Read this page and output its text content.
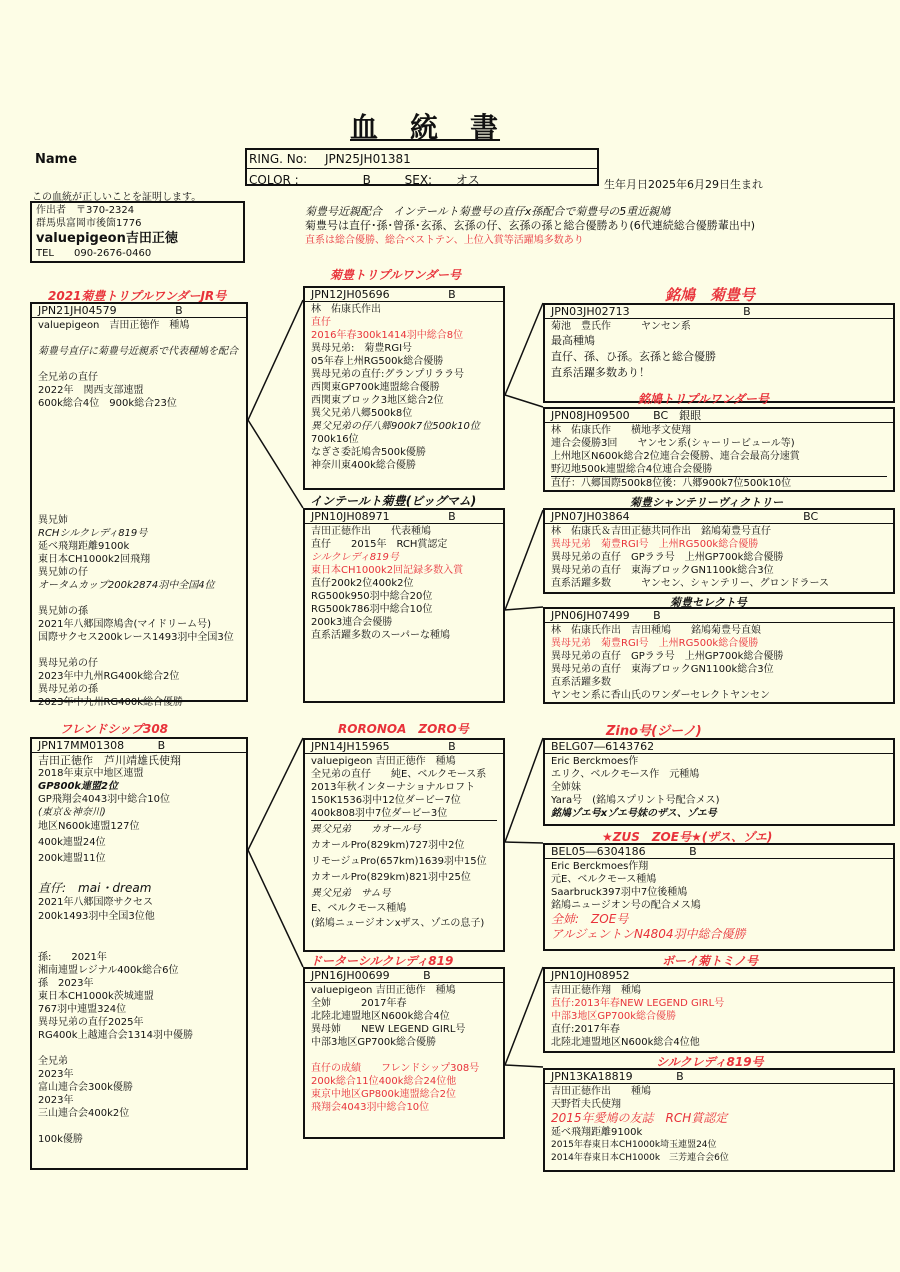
血　統　書
Name	RING. No: JPN25JH01381
COLOR :	B	SEX: オス	生年月日2025年6月29日生まれ
この血統が正しいことを証明します。
作出者　〒370-2324
群馬県富岡市後箇1776
valuepigeon吉田正徳
TEL　　090-2676-0460
菊豊号近親配合　インテールト菊豊号の直仔x孫配合で菊豊号の5重近親鳩
菊豊号は直仔･孫･曾孫･玄孫、玄孫の仔、玄孫の孫と総合優勝あり(6代連続総合優勝輩出中)
直系は総合優勝、総合ベストテン、上位入賞等活躍鳩多数あり
2021菊豊トリプルワンダーJR号
JPN21JH04579	B
valuepigeon　吉田正徳作　種鳩
菊豊号直仔に菊豊号近親系で代表種鳩を配合
全兄弟の直仔
2022年　関西支部連盟
600k総合4位　900k総合23位
異兄姉
RCHシルクレディ819号
延べ飛翔距離9100k
東日本CH1000k2回飛翔
異兄姉の仔
オータムカップ200k2874羽中全国4位
異兄姉の孫
2021年八郷国際鳩舎(マイドリーム号)
国際サクセス200kレース1493羽中全国3位
異母兄弟の仔
2023年中九州RG400k総合2位
異母兄弟の孫
2023年中九州RG400k総合優勝
菊豊トリプルワンダー号
JPN12JH05696	B
林　佑康氏作出
直仔
2016年春300k1414羽中総合8位
異母兄弟:　菊豊RGⅠ号
05年春上州RG500k総合優勝
異母兄弟の直仔:グランプリララ号
西関東GP700k連盟総合優勝
西関東ブロック3地区総合2位
異父兄弟八郷500k8位
異父兄弟の仔八郷900k7位500k10位
700k16位
なぎさ委託鳩舎500k優勝
神奈川東400k総合優勝
銘鳩　菊豊号
JPN03JH02713	B
菊池　豊氏作　　　ヤンセン系
最高種鳩
直仔、孫、ひ孫。玄孫と総合優勝
直系活躍多数あり！
銘鳩トリプルワンダー号
JPN08JH09500 BC　銀眼
林　佑康氏作　　横地孝文使翔
連合会優勝3回　　ヤンセン系(シャーリービュール等)
上州地区N600k総合2位連合会優勝、連合会最高分速賞
野辺地500k連盟総合4位連合会優勝
直仔：八郷国際500k8位後：八郷900k7位500k10位
インテールト菊豊(ビッグマム)
JPN10JH08971	B
吉田正徳作出　　代表種鳩
直仔　　2015年　RCH賞認定
シルクレディ819号
東日本CH1000k2回記録多数入賞
直仔200k2位400k2位
RG500k950羽中総合20位
RG500k786羽中総合10位
200k3連合会優勝
直系活躍多数のスーパーな種鳩
菊豊シャンテリーヴィクトリー
JPN07JH03864	BC
林　佑康氏＆吉田正徳共同作出　銘鳩菊豊号直仔
異母兄弟　菊豊RGⅠ号　上州RG500k総合優勝
異母兄弟の直仔　GPララ号　上州GP700k総合優勝
異母兄弟の直仔　東海ブロックGN1100k総合3位
直系活躍多数　　　ヤンセン、シャンテリー、グロンドラース
菊豊セレクト号
JPN06JH07499 B
林　佑康氏作出　吉田種鳩　　銘鳩菊豊号直娘
異母兄弟　菊豊RGⅠ号　上州RG500k総合優勝
異母兄弟の直仔　GPララ号　上州GP700k総合優勝
異母兄弟の直仔　東海ブロックGN1100k総合3位
直系活躍多数
ヤンセン系に香山氏のワンダーセレクトヤンセン
フレンドシップ308
JPN17MM01308	B
吉田正徳作　芦川靖雄氏使翔
2018年東京中地区連盟
GP800k連盟2位
GP飛翔会4043羽中総合10位
(東京＆神奈川)
地区N600k連盟127位
400k連盟24位
200k連盟11位
直仔:　mai・dream
2021年八郷国際サクセス
200k1493羽中全国3位他
孫:　　2021年
湘南連盟レジナル400k総合6位
孫　2023年
東日本CH1000k茨城連盟
767羽中連盟324位
異母兄弟の直仔2025年
RG400k上越連合会1314羽中優勝
全兄弟
2023年
富山連合会300k優勝
2023年
三山連合会400k2位
100k優勝
RORONOA　ZORO号
JPN14JH15965	B
valuepigeon 吉田正徳作　種鳩
全兄弟の直仔　　純E、ベルクモース系
2013年秋インターナショナルロフト
150K1536羽中12位ダービー7位
400k808羽中7位ダービー3位
異父兄弟　　カオール号
カオールPro(829km)727羽中2位
リモージュPro(657km)1639羽中15位
カオールPro(829km)821羽中25位
異父兄弟　サム号
E、ベルクモース種鳩
(銘鳩ニュージオンxザス、ゾエの息子)
Zino号(ジーノ)
BELG07―6143762
Eric Berckmoes作
エリク、ベルクモース作　元種鳩
全姉妹
Yara号　(銘鳩スプリント号配合メス)
銘鳩ゾエ号xゾエ号妹のザス、ゾエ号
★ZUS　ZOE号★(ザス、ゾエ)
BEL05―6304186	B
Eric Berckmoes作翔
元E、ベルクモース種鳩
Saarbruck397羽中7位後種鳩
銘鳩ニュージオン号の配合メス鳩
全姉:　ZOE号
アルジェントンN4804羽中総合優勝
ドーターシルクレディ819
JPN16JH00699	B
valuepigeon 吉田正徳作　種鳩
全姉　　　2017年春
北陸北連盟地区N600k総合4位
異母姉　　NEW LEGEND GIRL号
中部3地区GP700k総合優勝
直仔の成績　　フレンドシップ308号
200k総合11位400k総合24位他
東京中地区GP800k連盟総合2位
飛翔会4043羽中総合10位
ボーイ菊トミノ号
JPN10JH08952
吉田正徳作翔　種鳩
直仔:2013年春NEW LEGEND GIRL号
中部3地区GP700k総合優勝
直仔:2017年春
北陸北連盟地区N600k総合4位他
シルクレディ819号
JPN13KA18819	B
吉田正徳作出　　種鳩
天野哲夫氏使翔
2015年愛鳩の友誌　RCH賞認定
延べ飛翔距離9100k
2015年春東日本CH1000k埼玉連盟24位
2014年春東日本CH1000k　三芳連合会6位
